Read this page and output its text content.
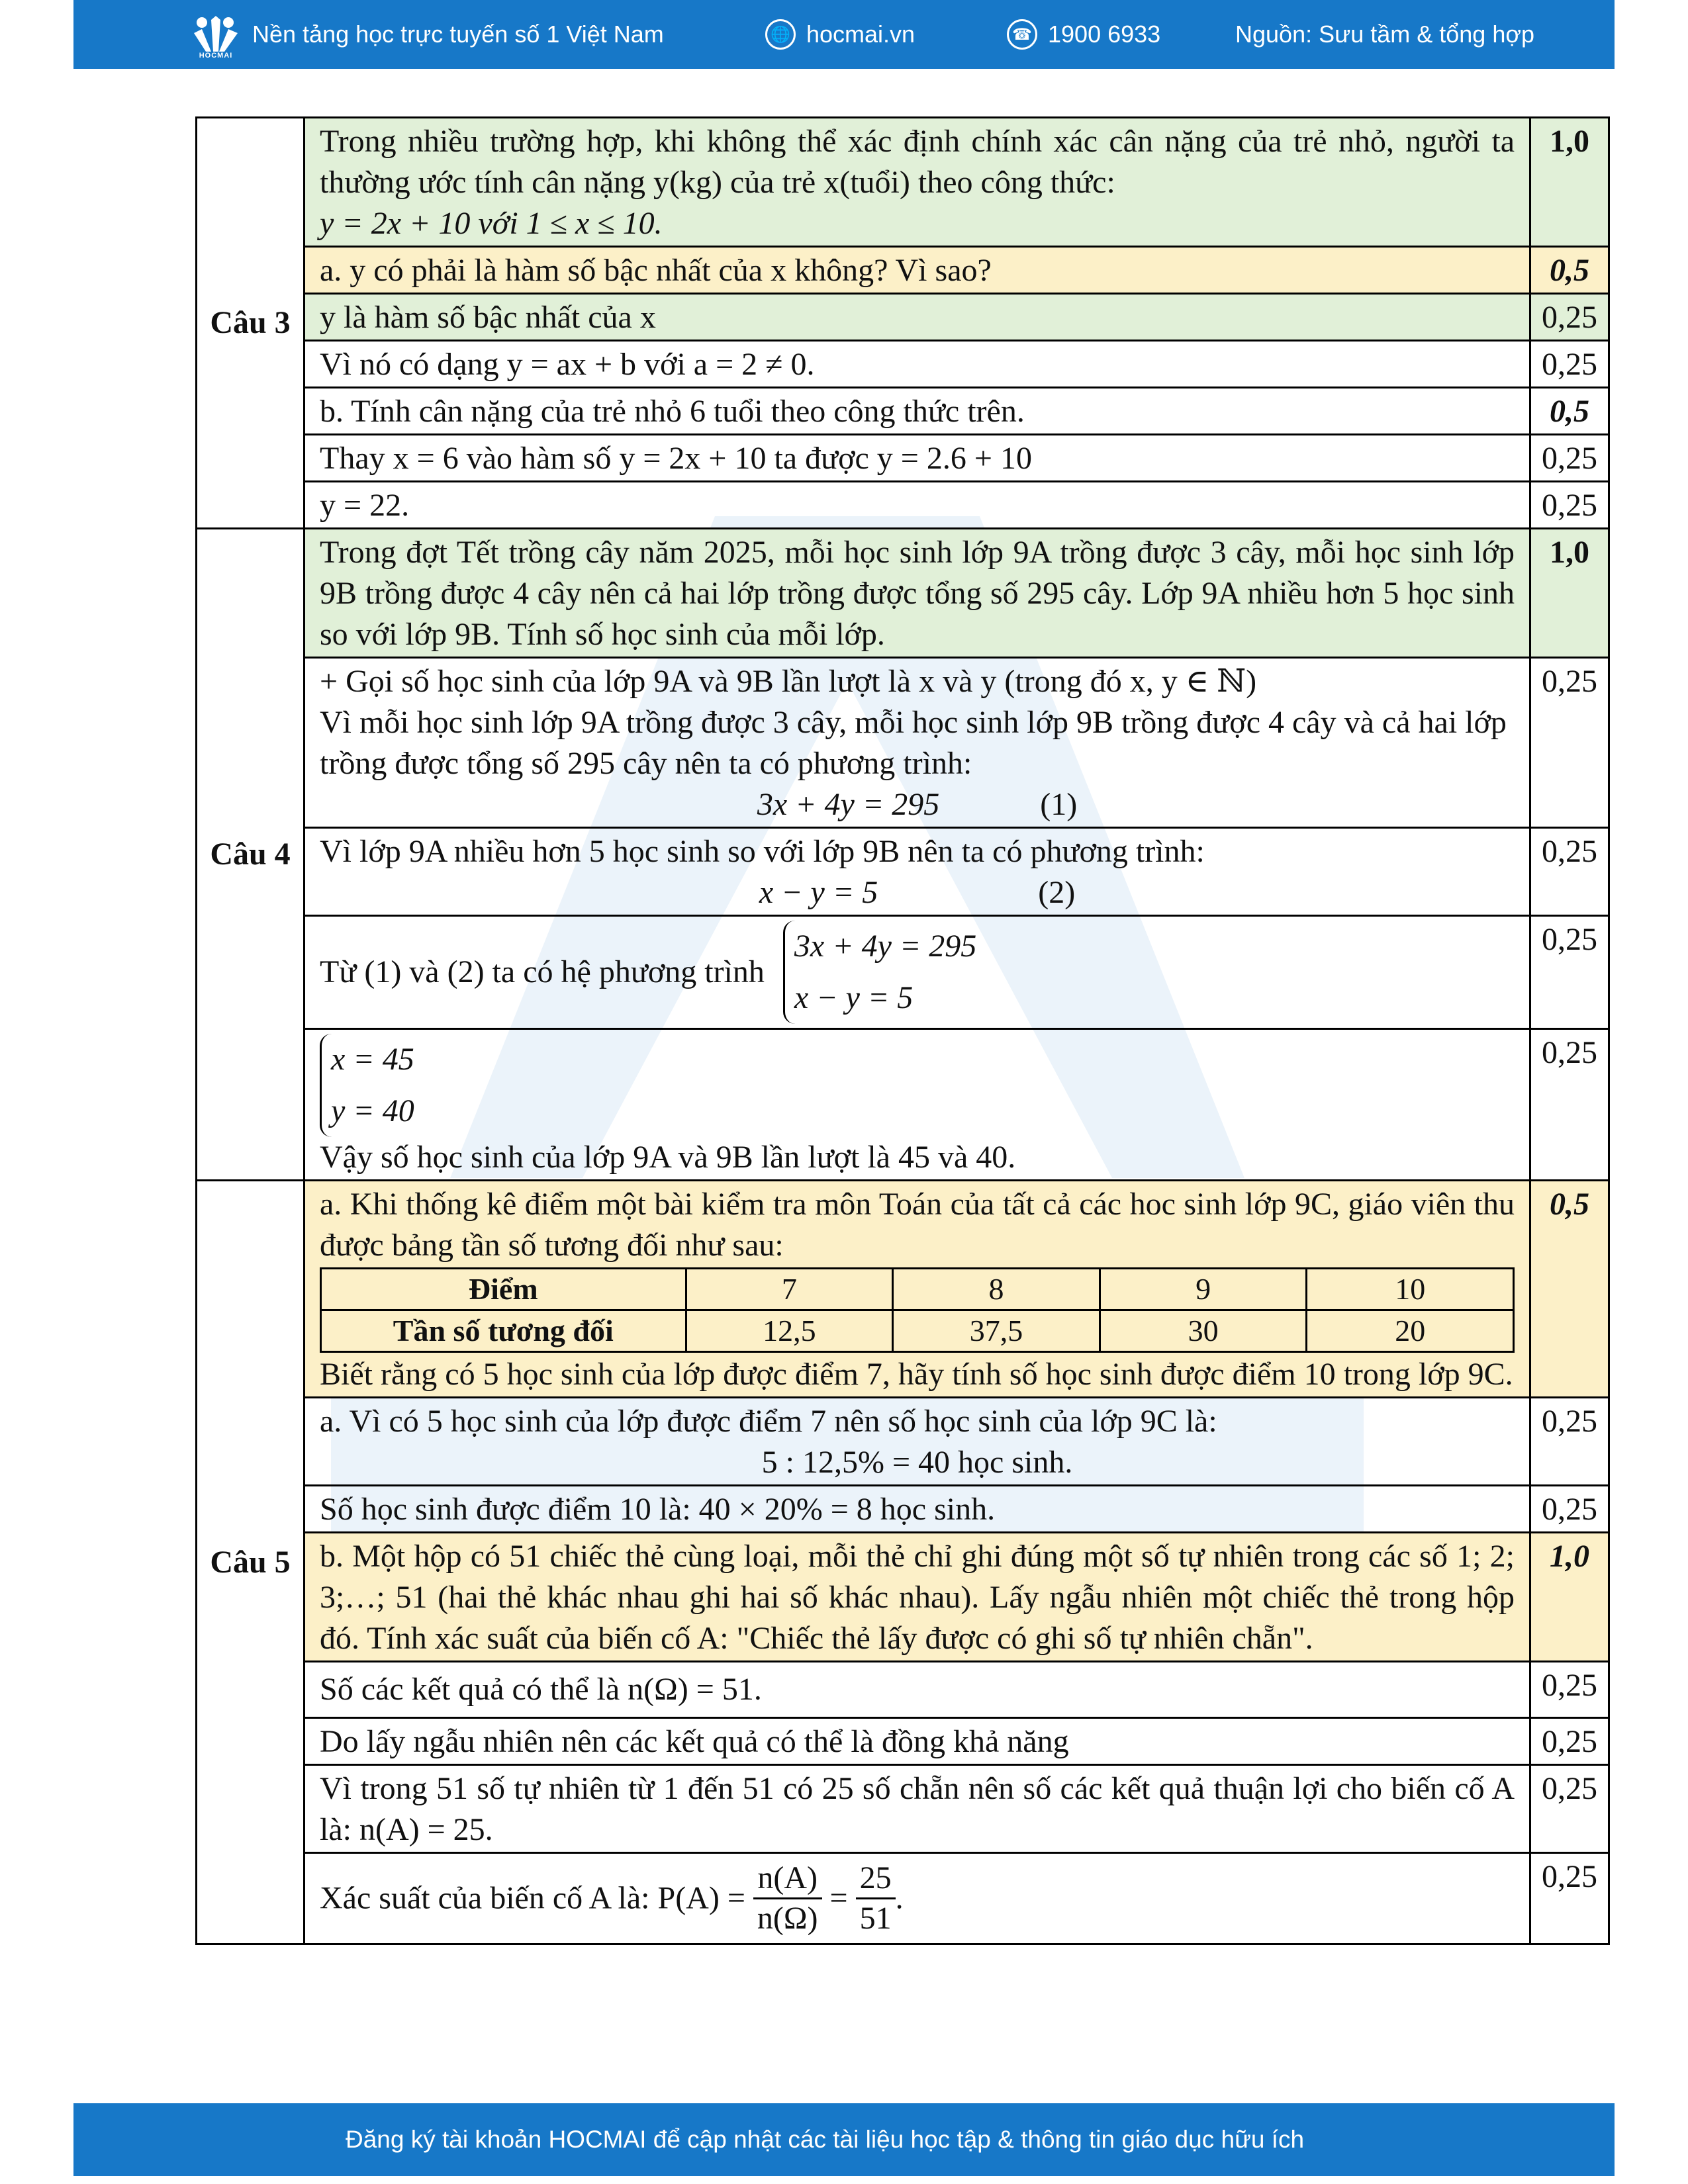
HOCMAI
Nền tảng học trực tuyến số 1 Việt Nam	🌐 hocmai.vn	☎ 1900 6933	Nguồn: Sưu tầm & tổng hợp
Câu 3	
Trong nhiều trường hợp, khi không thể xác định chính xác cân nặng của trẻ nhỏ, người ta thường ước tính cân nặng y(kg) của trẻ x(tuổi) theo công thức:
y = 2x + 10 với 1 ≤ x ≤ 10.
	1,0
a. y có phải là hàm số bậc nhất của x không? Vì sao?	0,5
y là hàm số bậc nhất của x	0,25
Vì nó có dạng y = ax + b với a = 2 ≠ 0.	0,25
b. Tính cân nặng của trẻ nhỏ 6 tuổi theo công thức trên.	0,5
Thay x = 6 vào hàm số y = 2x + 10 ta được y = 2.6 + 10	0,25
y = 22.	0,25
Câu 4	Trong đợt Tết trồng cây năm 2025, mỗi học sinh lớp 9A trồng được 3 cây, mỗi học sinh lớp 9B trồng được 4 cây nên cả hai lớp trồng được tổng số 295 cây. Lớp 9A nhiều hơn 5 học sinh so với lớp 9B. Tính số học sinh của mỗi lớp.	1,0

+ Gọi số học sinh của lớp 9A và 9B lần lượt là x và y (trong đó x, y ∈ ℕ)
Vì mỗi học sinh lớp 9A trồng được 3 cây, mỗi học sinh lớp 9B trồng được 4 cây và cả hai lớp trồng được tổng số 295 cây nên ta có phương trình:
3x + 4y = 295	(1)
	0,25

Vì lớp 9A nhiều hơn 5 học sinh so với lớp 9B nên ta có phương trình:
x − y = 5	(2)
	0,25
Từ (1) và (2) ta có hệ phương trình
3x + 4y = 295
x − y = 5
	0,25

x = 45
y = 40
Vậy số học sinh của lớp 9A và 9B lần lượt là 45 và 40.
	0,25
Câu 5	
a. Khi thống kê điểm một bài kiểm tra môn Toán của tất cả các hoc sinh lớp 9C, giáo viên thu được bảng tần số tương đối như sau:
Điểm	7	8	9	10
Tần số tương đối	12,5	37,5	30	20
Biết rằng có 5 học sinh của lớp được điểm 7, hãy tính số học sinh được điểm 10 trong lớp 9C.
	0,5

a. Vì có 5 học sinh của lớp được điểm 7 nên số học sinh của lớp 9C là:
5 : 12,5% = 40 học sinh.
	0,25
Số học sinh được điểm 10 là: 40 × 20% = 8 học sinh.	0,25
b. Một hộp có 51 chiếc thẻ cùng loại, mỗi thẻ chỉ ghi đúng một số tự nhiên trong các số 1; 2; 3;…; 51 (hai thẻ khác nhau ghi hai số khác nhau). Lấy ngẫu nhiên một chiếc thẻ trong hộp đó. Tính xác suất của biến cố A: "Chiếc thẻ lấy được có ghi số tự nhiên chẵn".	1,0
Số các kết quả có thể là n(Ω) = 51.	0,25
Do lấy ngẫu nhiên nên các kết quả có thể là đồng khả năng	0,25
Vì trong 51 số tự nhiên từ 1 đến 51 có 25 số chẵn nên số các kết quả thuận lợi cho biến cố A là: n(A) = 25.	0,25
Xác suất của biến cố A là: $P(A) = \frac{n(A)}{n(\Omega)} = \frac{25}{51}$ .	0,25
Đăng ký tài khoản HOCMAI để cập nhật các tài liệu học tập & thông tin giáo dục hữu ích
